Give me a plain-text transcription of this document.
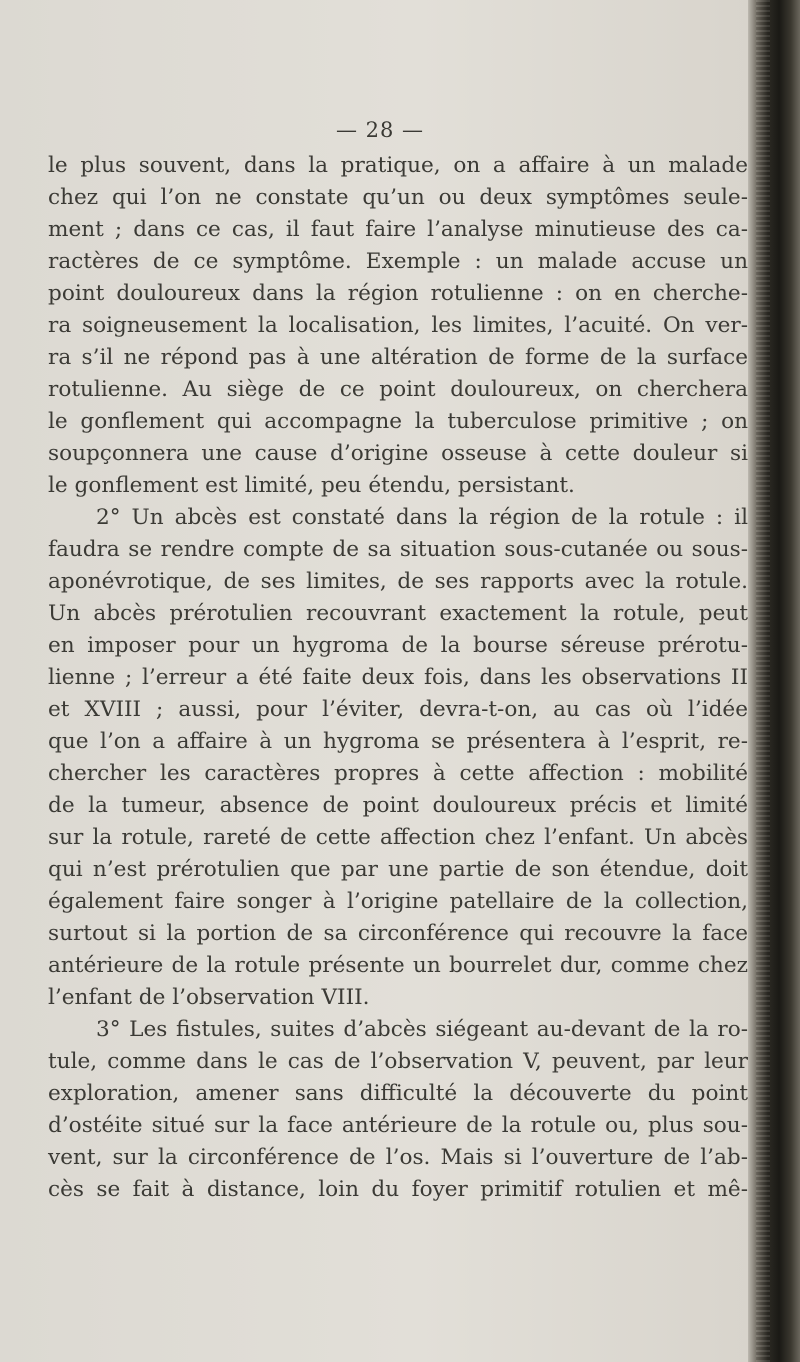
— 28 —
le plus souvent, dans la pratique, on a affaire à un malade
chez qui l’on ne constate qu’un ou deux symptômes seule-
ment ; dans ce cas, il faut faire l’analyse minutieuse des ca-
ractères de ce symptôme. Exemple : un malade accuse un
point douloureux dans la région rotulienne : on en cherche-
ra soigneusement la localisation, les limites, l’acuité. On ver-
ra s’il ne répond pas à une altération de forme de la surface
rotulienne. Au siège de ce point douloureux, on cherchera
le gonflement qui accompagne la tuberculose primitive ; on
soupçonnera une cause d’origine osseuse à cette douleur si
le gonflement est limité, peu étendu, persistant.
2° Un abcès est constaté dans la région de la rotule : il
faudra se rendre compte de sa situation sous-cutanée ou sous-
aponévrotique, de ses limites, de ses rapports avec la rotule.
Un abcès prérotulien recouvrant exactement la rotule, peut
en imposer pour un hygroma de la bourse séreuse prérotu-
lienne ; l’erreur a été faite deux fois, dans les observations II
et XVIII ; aussi, pour l’éviter, devra-t-on, au cas où l’idée
que l’on a affaire à un hygroma se présentera à l’esprit, re-
chercher les caractères propres à cette affection : mobilité
de la tumeur, absence de point douloureux précis et limité
sur la rotule, rareté de cette affection chez l’enfant. Un abcès
qui n’est prérotulien que par une partie de son étendue, doit
également faire songer à l’origine patellaire de la collection,
surtout si la portion de sa circonférence qui recouvre la face
antérieure de la rotule présente un bourrelet dur, comme chez
l’enfant de l’observation VIII.
3° Les fistules, suites d’abcès siégeant au-devant de la ro-
tule, comme dans le cas de l’observation V, peuvent, par leur
exploration, amener sans difficulté la découverte du point
d’ostéite situé sur la face antérieure de la rotule ou, plus sou-
vent, sur la circonférence de l’os. Mais si l’ouverture de l’ab-
cès se fait à distance, loin du foyer primitif rotulien et mê-
